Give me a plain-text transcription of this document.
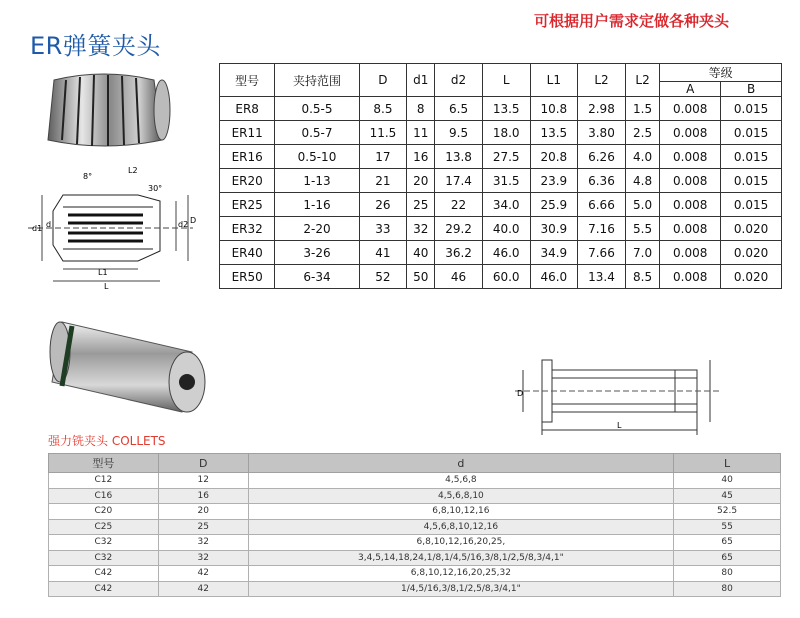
ER弹簧夹头
可根据用户需求定做各种夹头
d1 d	d2 D
L1
L
L2
8°
30°
型号	夹持范围	D	d1	d2	L	L1	L2	L2	等级	
									A	B
ER8	0.5-5	8.5	8	6.5	13.5	10.8	2.98	1.5	0.008	0.015
ER11	0.5-7	11.5	11	9.5	18.0	13.5	3.80	2.5	0.008	0.015
ER16	0.5-10	17	16	13.8	27.5	20.8	6.26	4.0	0.008	0.015
ER20	1-13	21	20	17.4	31.5	23.9	6.36	4.8	0.008	0.015
ER25	1-16	26	25	22	34.0	25.9	6.66	5.0	0.008	0.015
ER32	2-20	33	32	29.2	40.0	30.9	7.16	5.5	0.008	0.020
ER40	3-26	41	40	36.2	46.0	34.9	7.66	7.0	0.008	0.020
ER50	6-34	52	50	46	60.0	46.0	13.4	8.5	0.008	0.020
D
L
强力铣夹头 COLLETS
型号	D	d	L
C12	12	4,5,6,8	40
C16	16	4,5,6,8,10	45
C20	20	6,8,10,12,16	52.5
C25	25	4,5,6,8,10,12,16	55
C32	32	6,8,10,12,16,20,25,	65
C32	32	3,4,5,14,18,24,1/8,1/4,5/16,3/8,1/2,5/8,3/4,1"	65
C42	42	6,8,10,12,16,20,25,32	80
C42	42	1/4,5/16,3/8,1/2,5/8,3/4,1"	80
